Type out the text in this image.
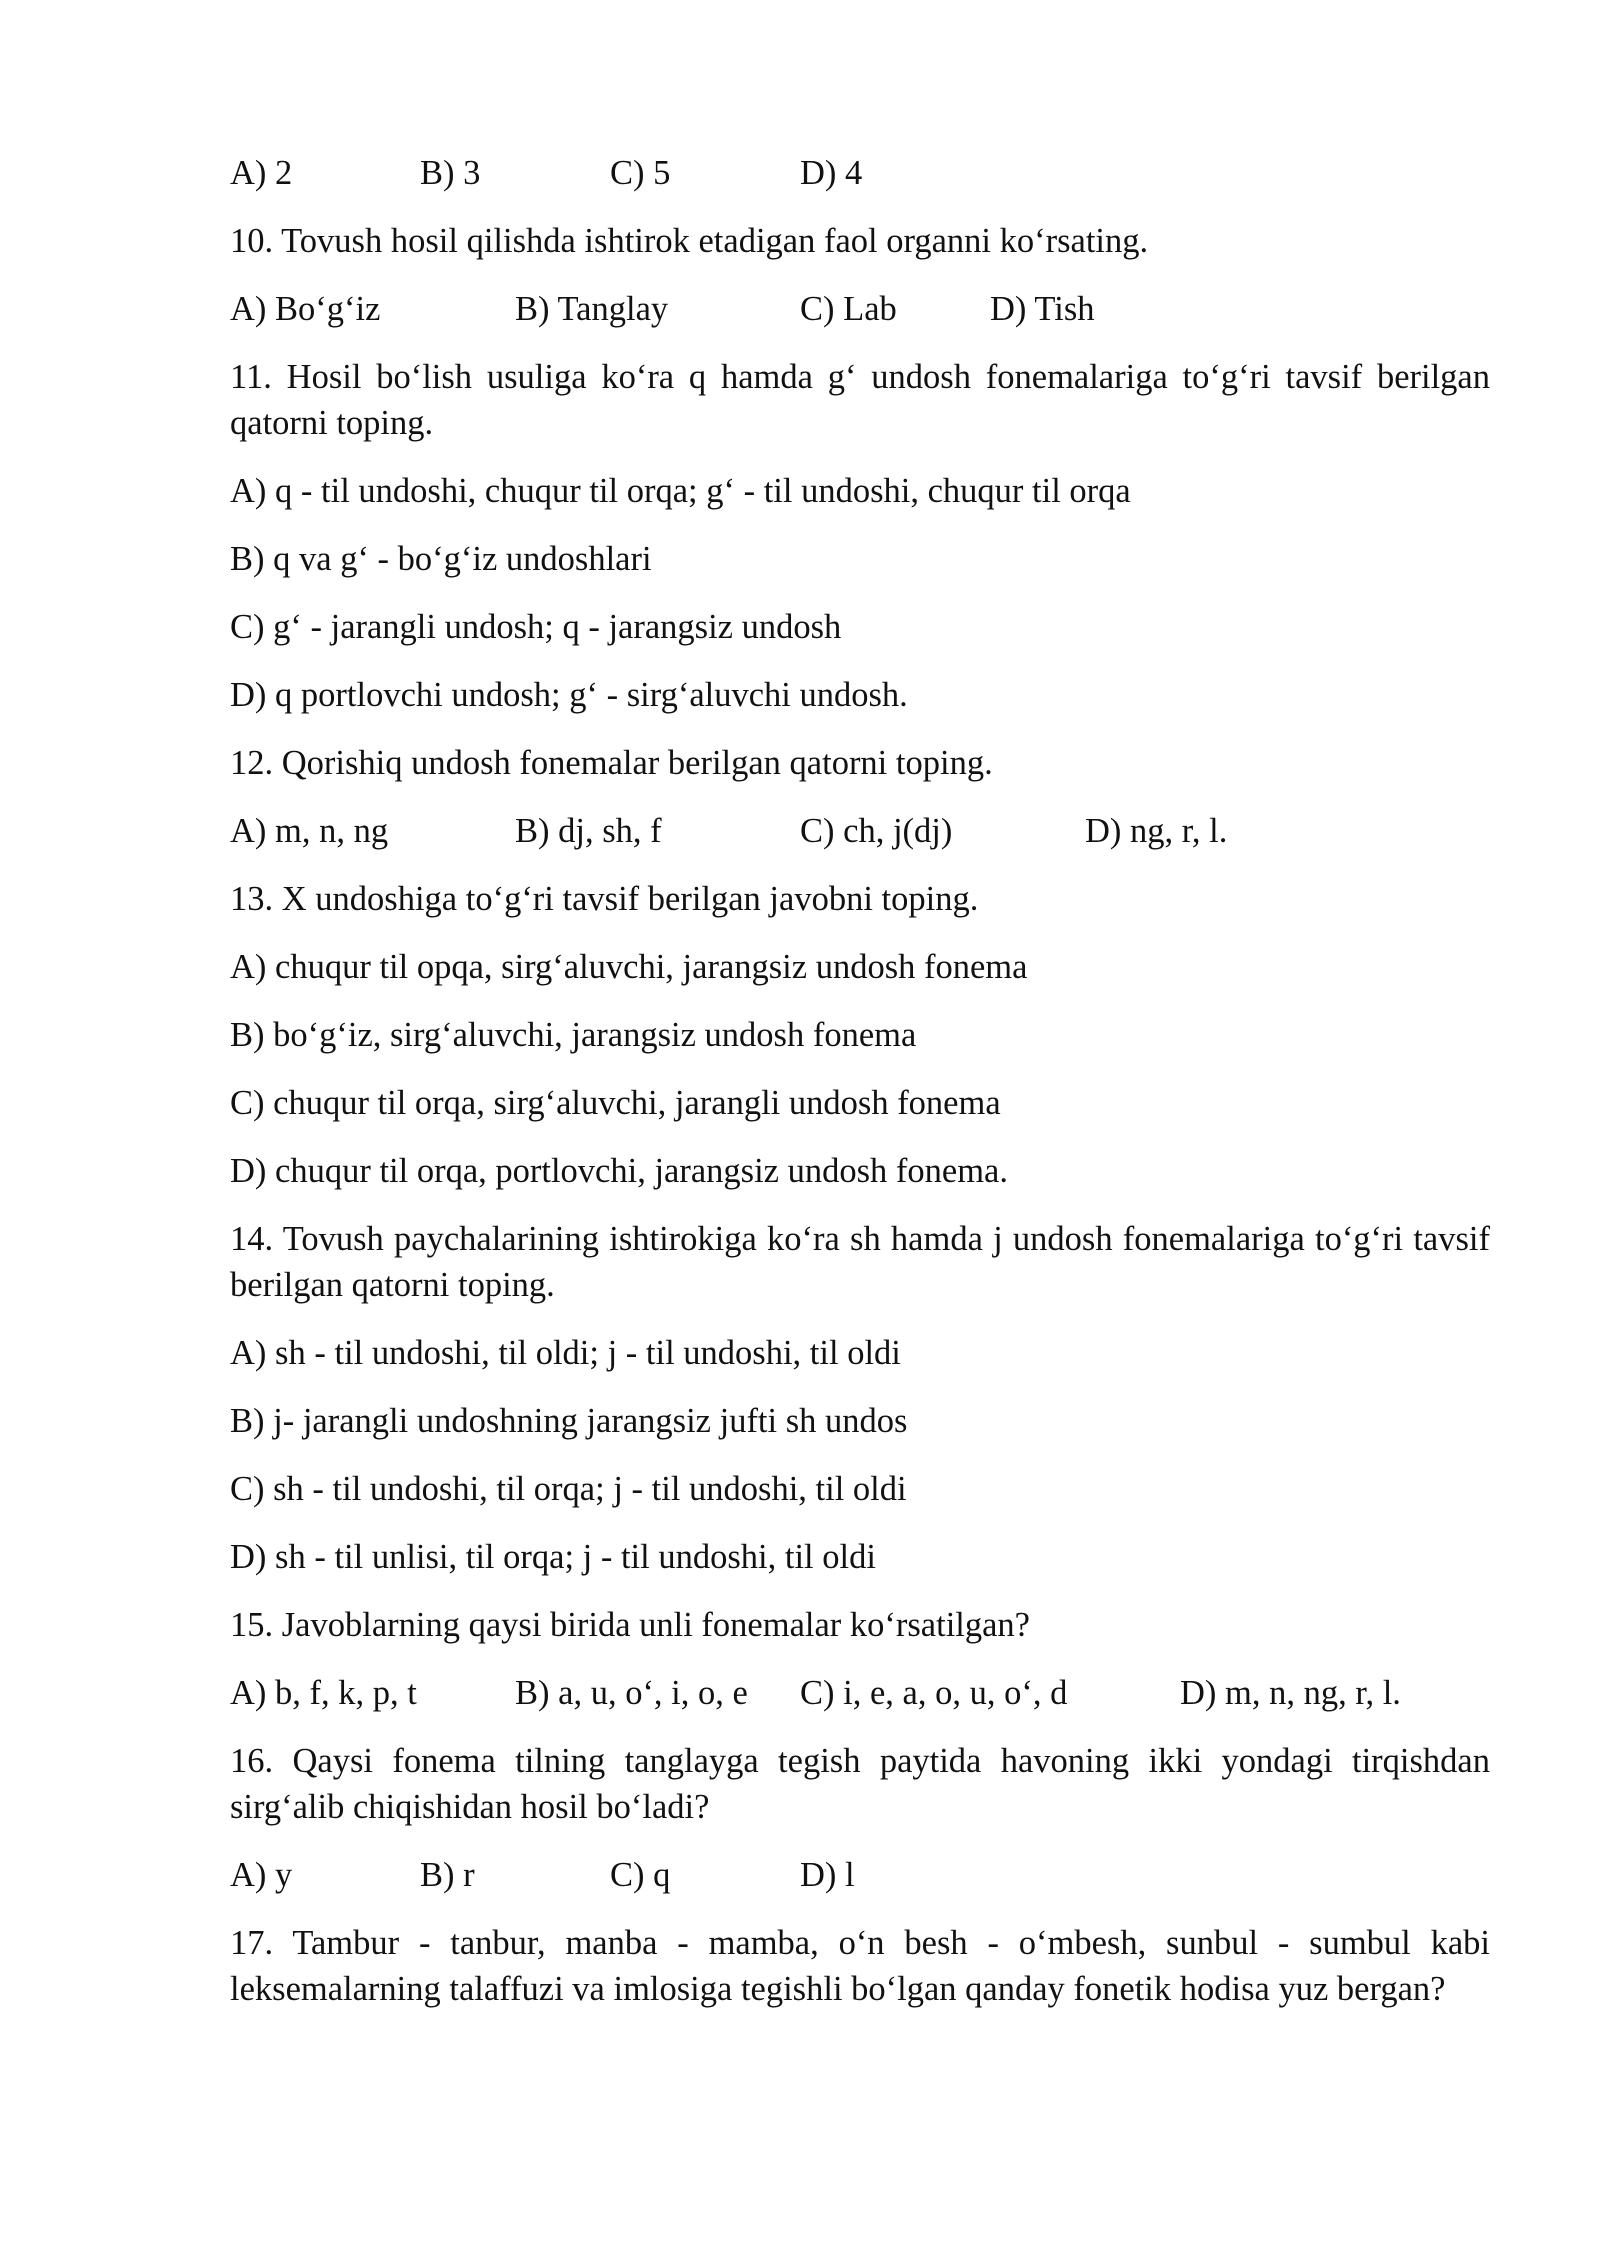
A) 2	B) 3	C) 5	D) 4
10. Tovush hosil qilishda ishtirok etadigan faol organni ko‘rsating.
A) Bo‘g‘iz	B) Tanglay	C) Lab	D) Tish
11. Hosil bo‘lish usuliga ko‘ra q hamda g‘ undosh fonemalariga to‘g‘ri tavsif berilgan qatorni toping.
A) q - til undoshi, chuqur til orqa; g‘ - til undoshi, chuqur til orqa
B) q va g‘ - bo‘g‘iz undoshlari
C) g‘ - jarangli undosh; q - jarangsiz undosh
D) q portlovchi undosh; g‘ - sirg‘aluvchi undosh.
12. Qorishiq undosh fonemalar berilgan qatorni toping.
A) m, n, ng	B) dj, sh, f	C) ch, j(dj)	D) ng, r, l.
13. X undoshiga to‘g‘ri tavsif berilgan javobni toping.
A) chuqur til opqa, sirg‘aluvchi, jarangsiz undosh fonema
B) bo‘g‘iz, sirg‘aluvchi, jarangsiz undosh fonema
C) chuqur til orqa, sirg‘aluvchi, jarangli undosh fonema
D) chuqur til orqa, portlovchi, jarangsiz undosh fonema.
14. Tovush paychalarining ishtirokiga ko‘ra sh hamda j undosh fonemalariga to‘g‘ri tavsif berilgan qatorni toping.
A) sh - til undoshi, til oldi; j - til undoshi, til oldi
B) j- jarangli undoshning jarangsiz jufti sh undos
C) sh - til undoshi, til orqa; j - til undoshi, til oldi
D) sh - til unlisi, til orqa; j - til undoshi, til oldi
15. Javoblarning qaysi birida unli fonemalar ko‘rsatilgan?
A) b, f, k, p, t	B) a, u, o‘, i, o, e C) i, e, a, o, u, o‘, d	D) m, n, ng, r, l.
16. Qaysi fonema tilning tanglayga tegish paytida havoning ikki yondagi tirqishdan sirg‘alib chiqishidan hosil bo‘ladi?
A) y	B) r	C) q	D) l
17. Tambur - tanbur, manba - mamba, o‘n besh - o‘mbesh, sunbul - sumbul kabi leksemalarning talaffuzi va imlosiga tegishli bo‘lgan qanday fonetik hodisa yuz bergan?
